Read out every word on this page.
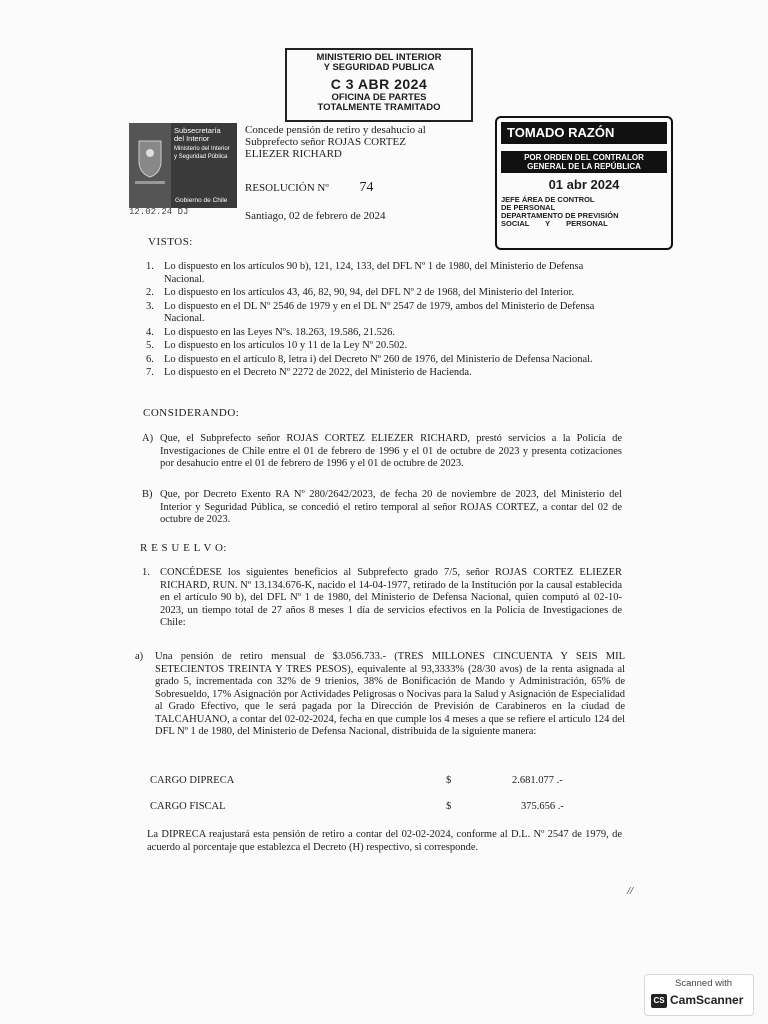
MINISTERIO DEL INTERIOR
Y SEGURIDAD PUBLICA
C 3 ABR 2024
OFICINA DE PARTES
TOTALMENTE TRAMITADO
Subsecretaría
del Interior
Ministerio del Interior
y Seguridad Pública
Gobierno de Chile
12.02.24 DJ
Concede pensión de retiro y desahucio al
Subprefecto señor ROJAS CORTEZ
ELIEZER RICHARD
RESOLUCIÓN Nº 74
Santiago, 02 de febrero de 2024
TOMADO RAZÓN
POR ORDEN DEL CONTRALOR
GENERAL DE LA REPÚBLICA
01 abr 2024
JEFE ÁREA DE CONTROL
DE PERSONAL
DEPARTAMENTO DE PREVISIÓN
SOCIAL Y PERSONAL
VISTOS:
1. Lo dispuesto en los artículos 90 b), 121, 124, 133, del DFL Nº 1 de 1980, del Ministerio de Defensa Nacional.
2. Lo dispuesto en los artículos 43, 46, 82, 90, 94, del DFL Nº 2 de 1968, del Ministerio del Interior.
3. Lo dispuesto en el DL Nº 2546 de 1979 y en el DL Nº 2547 de 1979, ambos del Ministerio de Defensa Nacional.
4. Lo dispuesto en las Leyes Nºs. 18.263, 19.586, 21.526.
5. Lo dispuesto en los artículos 10 y 11 de la Ley Nº 20.502.
6. Lo dispuesto en el artículo 8, letra i) del Decreto Nº 260 de 1976, del Ministerio de Defensa Nacional.
7. Lo dispuesto en el Decreto Nº 2272 de 2022, del Ministerio de Hacienda.
CONSIDERANDO:
A) Que, el Subprefecto señor ROJAS CORTEZ ELIEZER RICHARD, prestó servicios a la Policía de Investigaciones de Chile entre el 01 de febrero de 1996 y el 01 de octubre de 2023 y presenta cotizaciones por desahucio entre el 01 de febrero de 1996 y el 01 de octubre de 2023.
B) Que, por Decreto Exento RA Nº 280/2642/2023, de fecha 20 de noviembre de 2023, del Ministerio del Interior y Seguridad Pública, se concedió el retiro temporal al señor ROJAS CORTEZ, a contar del 02 de octubre de 2023.
R E S U E L V O:
1. CONCÉDESE los siguientes beneficios al Subprefecto grado 7/5, señor ROJAS CORTEZ ELIEZER RICHARD, RUN. Nº 13.134.676-K, nacido el 14-04-1977, retirado de la Institución por la causal establecida en el artículo 90 b), del DFL Nº 1 de 1980, del Ministerio de Defensa Nacional, quien computó al 02-10-2023, un tiempo total de 27 años 8 meses 1 día de servicios efectivos en la Policía de Investigaciones de Chile:
a)	Una pensión de retiro mensual de $3.056.733.- (TRES MILLONES CINCUENTA Y SEIS MIL SETECIENTOS TREINTA Y TRES PESOS), equivalente al 93,3333% (28/30 avos) de la renta asignada al grado 5, incrementada con 32% de 9 trienios, 38% de Bonificación de Mando y Administración, 65% de Sobresueldo, 17% Asignación por Actividades Peligrosas o Nocivas para la Salud y Asignación de Especialidad al Grado Efectivo, que le será pagada por la Dirección de Previsión de Carabineros en la ciudad de TALCAHUANO, a contar del 02-02-2024, fecha en que cumple los 4 meses a que se refiere el artículo 124 del DFL Nº 1 de 1980, del Ministerio de Defensa Nacional, distribuida de la siguiente manera:
CARGO DIPRECA	$	2.681.077 .-
CARGO FISCAL	$	375.656 .-
La DIPRECA reajustará esta pensión de retiro a contar del 02-02-2024, conforme al D.L. Nº 2547 de 1979, de acuerdo al porcentaje que establezca el Decreto (H) respectivo, si corresponde.
//
Scanned with
CS CamScanner
